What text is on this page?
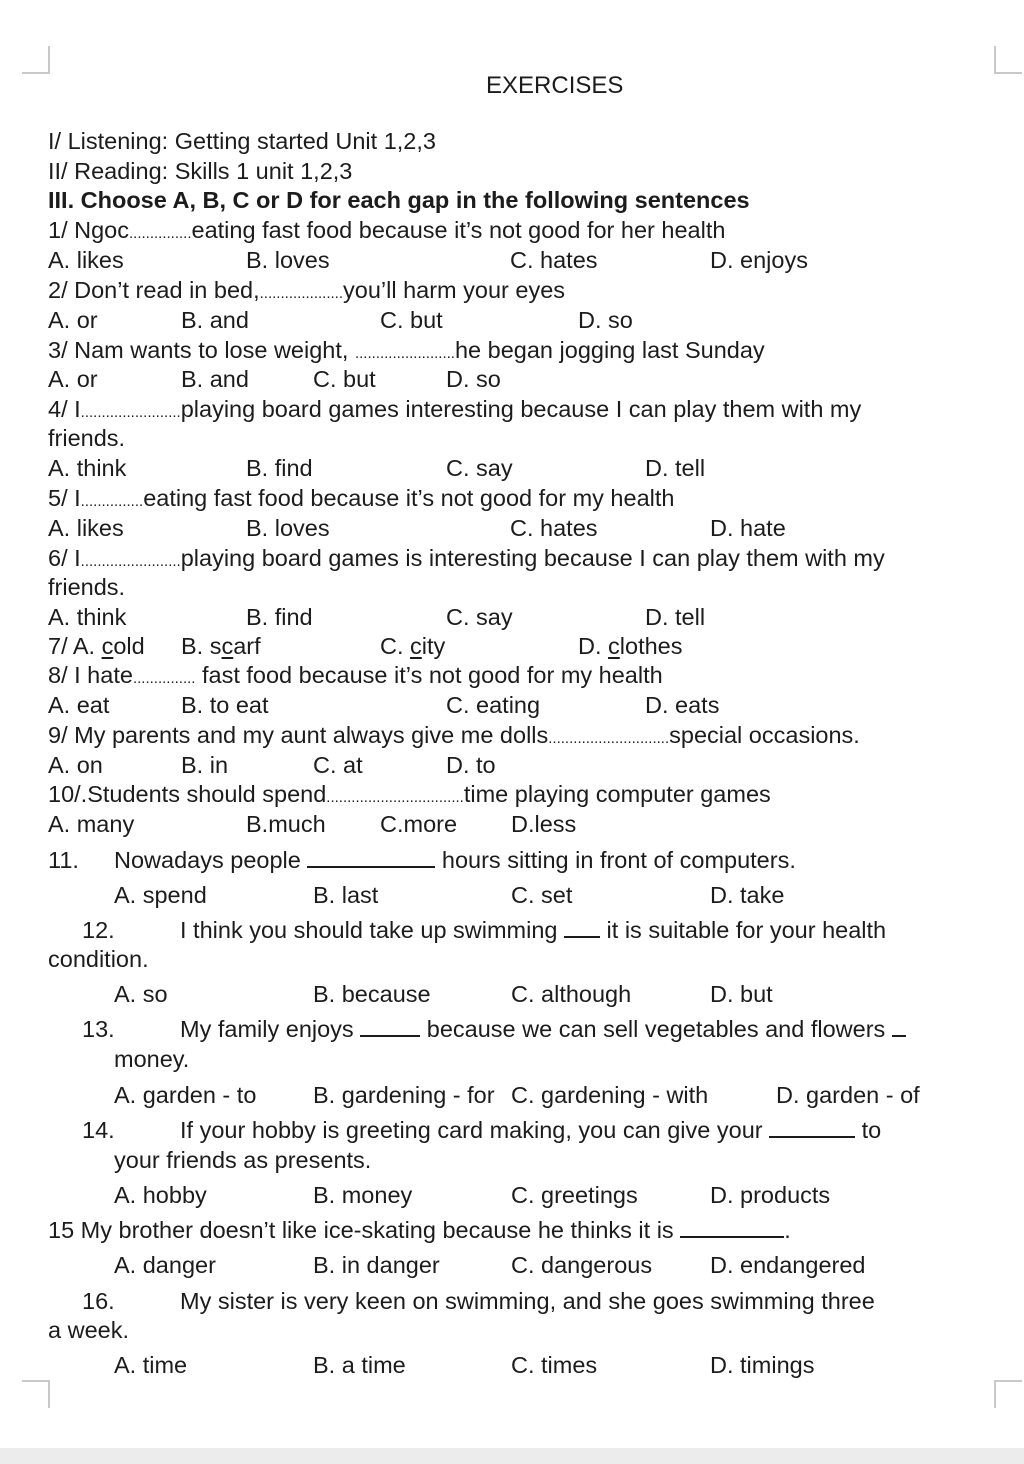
EXERCISES
I/ Listening: Getting started Unit 1,2,3
II/ Reading: Skills 1 unit 1,2,3
III. Choose A, B, C or D for each gap in the following sentences
1/ Ngoc...............eating fast food because it’s not good for her health
A. likes	B. loves	C. hates	D. enjoys
2/ Don’t read in bed,....................you’ll harm your eyes
A. or	B. and	C. but	D. so
3/ Nam wants to lose weight, ........................he began jogging last Sunday
A. or	B. and	C. but	D. so
4/ I........................playing board games interesting because I can play them with my
friends.
A. think	B. find	C. say	D. tell
5/ I...............eating fast food because it’s not good for my health
A. likes	B. loves	C. hates	D. hate
6/ I........................playing board games is interesting because I can play them with my
friends.
A. think	B. find	C. say	D. tell
7/ A. cold B. scarf	C. city	D. clothes
8/ I hate............... fast food because it’s not good for my health
A. eat	B. to eat	C. eating	D. eats
9/ My parents and my aunt always give me dolls.............................special occasions.
A. on	B. in	C. at	D. to
10/.Students should spend.................................time playing computer games
A. many	B.much C.more D.less
11. Nowadays people	hours sitting in front of computers.
A. spend	B. last	C. set	D. take
12.	I think you should take up swimming  it is suitable for your health
condition.
A. so	B. because	C. although	D. but
13.	My family enjoys	because we can sell vegetables and flowers
money.
A. garden - to B. gardening - for C. gardening - with	D. garden - of
14.	If your hobby is greeting card making, you can give your	to
your friends as presents.
A. hobby	B. money	C. greetings	D. products
15 My brother doesn’t like ice-skating because he thinks it is	.
A. danger	B. in danger	C. dangerous D. endangered
16.	My sister is very keen on swimming, and she goes swimming three
a week.
A. time	B. a time	C. times	D. timings
